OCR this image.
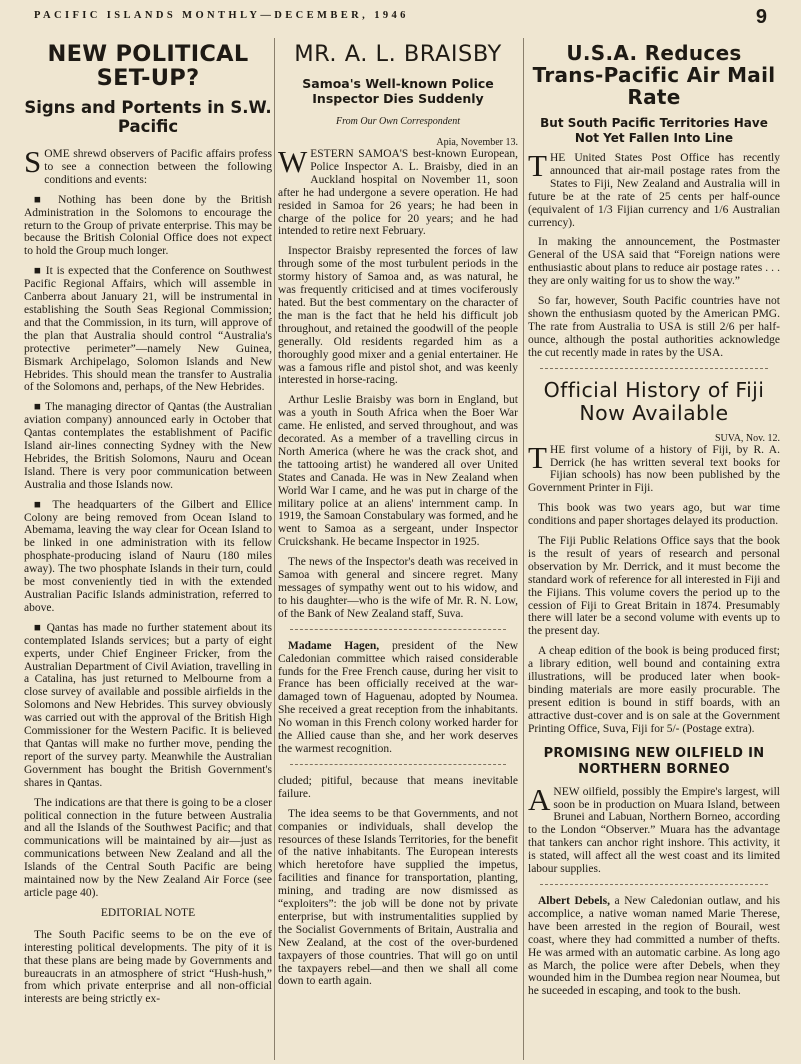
PACIFIC ISLANDS MONTHLY—DECEMBER, 1946	9
NEW POLITICAL SET-UP?
Signs and Portents in S.W. Pacific

SOME shrewd observers of Pacific affairs profess to see a connection between the following conditions and events:

■ Nothing has been done by the British Administration in the Solomons to encourage the return to the Group of private enterprise. This may be because the British Colonial Office does not expect to hold the Group much longer.

■ It is expected that the Conference on Southwest Pacific Regional Affairs, which will assemble in Canberra about January 21, will be instrumental in establishing the South Seas Regional Commission; and that the Commission, in its turn, will approve of the plan that Australia should control “Australia's protective perimeter”—namely New Guinea, Bismark Archipelago, Solomon Islands and New Hebrides. This should mean the transfer to Australia of the Solomons and, perhaps, of the New Hebrides.

■ The managing director of Qantas (the Australian aviation company) announced early in October that Qantas contemplates the establishment of Pacific Island air-lines connecting Sydney with the New Hebrides, the British Solomons, Nauru and Ocean Island. There is very poor communication between Australia and those Islands now.

■ The headquarters of the Gilbert and Ellice Colony are being removed from Ocean Island to Abemama, leaving the way clear for Ocean Island to be linked in one administration with its fellow phosphate-producing island of Nauru (180 miles away). The two phosphate Islands in their turn, could be most conveniently tied in with the extended Australian Pacific Islands administration, referred to above.

■ Qantas has made no further statement about its contemplated Islands services; but a party of eight experts, under Chief Engineer Fricker, from the Australian Department of Civil Aviation, travelling in a Catalina, has just returned to Melbourne from a close survey of available and possible airfields in the Solomons and New Hebrides. This survey obviously was carried out with the approval of the British High Commissioner for the Western Pacific. It is believed that Qantas will make no further move, pending the report of the survey party. Meanwhile the Australian Government has bought the British Government's shares in Qantas.

The indications are that there is going to be a closer political connection in the future between Australia and all the Islands of the Southwest Pacific; and that communications will be maintained by air—just as communications between New Zealand and all the Islands of the Central South Pacific are being maintained now by the New Zealand Air Force (see article page 40).

EDITORIAL NOTE

The South Pacific seems to be on the eve of interesting political developments. The pity of it is that these plans are being made by Governments and bureaucrats in an atmosphere of strict “Hush-hush,” from which private enterprise and all non-official interests are being strictly ex-

MR. A. L. BRAISBY
Samoa's Well-known Police Inspector Dies Suddenly
From Our Own Correspondent
Apia, November 13.

WESTERN SAMOA'S best-known European, Police Inspector A. L. Braisby, died in an Auckland hospital on November 11, soon after he had undergone a severe operation. He had resided in Samoa for 26 years; he had been in charge of the police for 20 years; and he had intended to retire next February.

Inspector Braisby represented the forces of law through some of the most turbulent periods in the stormy history of Samoa and, as was natural, he was frequently criticised and at times vociferously hated. But the best commentary on the character of the man is the fact that he held his difficult job throughout, and retained the goodwill of the people generally. Old residents regarded him as a thoroughly good mixer and a genial entertainer. He was a famous rifle and pistol shot, and was keenly interested in horse-racing.

Arthur Leslie Braisby was born in England, but was a youth in South Africa when the Boer War came. He enlisted, and served throughout, and was decorated. As a member of a travelling circus in North America (where he was the crack shot, and the tattooing artist) he wandered all over United States and Canada. He was in New Zealand when World War I came, and he was put in charge of the military police at an aliens' internment camp. In 1919, the Samoan Constabulary was formed, and he went to Samoa as a sergeant, under Inspector Cruickshank. He became Inspector in 1925.

The news of the Inspector's death was received in Samoa with general and sincere regret. Many messages of sympathy went out to his widow, and to his daughter—who is the wife of Mr. R. N. Low, of the Bank of New Zealand staff, Suva.

Madame Hagen, president of the New Caledonian committee which raised considerable funds for the Free French cause, during her visit to France has been officially received at the war-damaged town of Haguenau, adopted by Noumea. She received a great reception from the inhabitants. No woman in this French colony worked harder for the Allied cause than she, and her work deserves the warmest recognition.

cluded; pitiful, because that means inevitable failure.

The idea seems to be that Governments, and not companies or individuals, shall develop the resources of these Islands Territories, for the benefit of the native inhabitants. The European interests which heretofore have supplied the impetus, facilities and finance for transportation, planting, mining, and trading are now dismissed as “exploiters”: the job will be done not by private enterprise, but with instrumentalities supplied by the Socialist Governments of Britain, Australia and New Zealand, at the cost of the over-burdened taxpayers of those countries. That will go on until the taxpayers rebel—and then we shall all come down to earth again.

U.S.A. Reduces Trans-Pacific Air Mail Rate
But South Pacific Territories Have Not Yet Fallen Into Line

THE United States Post Office has recently announced that air-mail postage rates from the States to Fiji, New Zealand and Australia will in future be at the rate of 25 cents per half-ounce (equivalent of 1/3 Fijian currency and 1/6 Australian currency).

In making the announcement, the Postmaster General of the USA said that “Foreign nations were enthusiastic about plans to reduce air postage rates . . . they are only waiting for us to show the way.”

So far, however, South Pacific countries have not shown the enthusiasm quoted by the American PMG. The rate from Australia to USA is still 2/6 per half-ounce, although the postal authorities acknowledge the cut recently made in rates by the USA.

Official History of Fiji Now Available
SUVA, Nov. 12.

THE first volume of a history of Fiji, by R. A. Derrick (he has written several text books for Fijian schools) has now been published by the Government Printer in Fiji.

This book was two years ago, but war time conditions and paper shortages delayed its production.

The Fiji Public Relations Office says that the book is the result of years of research and personal observation by Mr. Derrick, and it must become the standard work of reference for all interested in Fiji and the Fijians. This volume covers the period up to the cession of Fiji to Great Britain in 1874. Presumably there will later be a second volume with events up to the present day.

A cheap edition of the book is being produced first; a library edition, well bound and containing extra illustrations, will be produced later when book-binding materials are more easily procurable. The present edition is bound in stiff boards, with an attractive dust-cover and is on sale at the Government Printing Office, Suva, Fiji for 5/- (Postage extra).

PROMISING NEW OILFIELD IN NORTHERN BORNEO

ANEW oilfield, possibly the Empire's largest, will soon be in production on Muara Island, between Brunei and Labuan, Northern Borneo, according to the London “Observer.” Muara has the advantage that tankers can anchor right inshore. This activity, it is stated, will affect all the west coast and its limited labour supplies.

Albert Debels, a New Caledonian outlaw, and his accomplice, a native woman named Marie Therese, have been arrested in the region of Bourail, west coast, where they had committed a number of thefts. He was armed with an automatic carbine. As long ago as March, the police were after Debels, when they wounded him in the Dumbea region near Noumea, but he suceeded in escaping, and took to the bush.
